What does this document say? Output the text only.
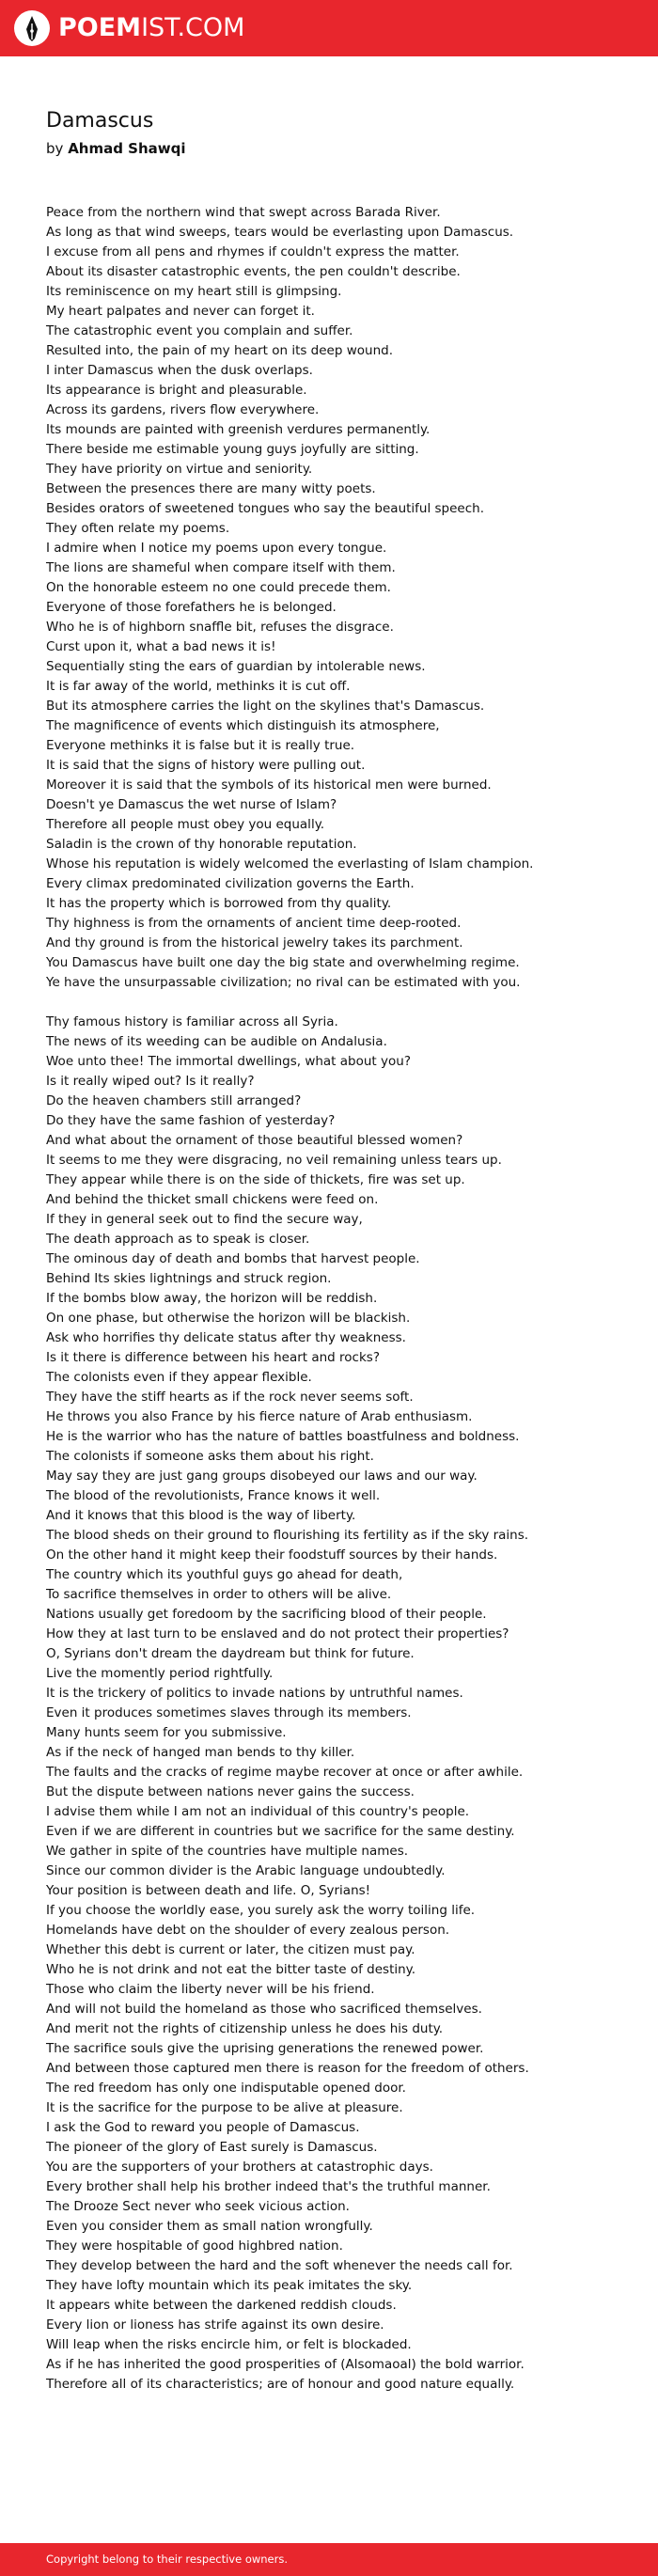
POEMIST.COM
Damascus
by Ahmad Shawqi
Peace from the northern wind that swept across Barada River.
As long as that wind sweeps, tears would be everlasting upon Damascus.
I excuse from all pens and rhymes if couldn't express the matter.
About its disaster catastrophic events, the pen couldn't describe.
Its reminiscence on my heart still is glimpsing.
My heart palpates and never can forget it.
The catastrophic event you complain and suffer.
Resulted into, the pain of my heart on its deep wound.
I inter Damascus when the dusk overlaps.
Its appearance is bright and pleasurable.
Across its gardens, rivers flow everywhere.
Its mounds are painted with greenish verdures permanently.
There beside me estimable young guys joyfully are sitting.
They have priority on virtue and seniority.
Between the presences there are many witty poets.
Besides orators of sweetened tongues who say the beautiful speech.
They often relate my poems.
I admire when I notice my poems upon every tongue.
The lions are shameful when compare itself with them.
On the honorable esteem no one could precede them.
Everyone of those forefathers he is belonged.
Who he is of highborn snaffle bit, refuses the disgrace.
Curst upon it, what a bad news it is!
Sequentially sting the ears of guardian by intolerable news.
It is far away of the world, methinks it is cut off.
But its atmosphere carries the light on the skylines that's Damascus.
The magnificence of events which distinguish its atmosphere,
Everyone methinks it is false but it is really true.
It is said that the signs of history were pulling out.
Moreover it is said that the symbols of its historical men were burned.
Doesn't ye Damascus the wet nurse of Islam?
Therefore all people must obey you equally.
Saladin is the crown of thy honorable reputation.
Whose his reputation is widely welcomed the everlasting of Islam champion.
Every climax predominated civilization governs the Earth.
It has the property which is borrowed from thy quality.
Thy highness is from the ornaments of ancient time deep-rooted.
And thy ground is from the historical jewelry takes its parchment.
You Damascus have built one day the big state and overwhelming regime.
Ye have the unsurpassable civilization; no rival can be estimated with you.
Thy famous history is familiar across all Syria.
The news of its weeding can be audible on Andalusia.
Woe unto thee! The immortal dwellings, what about you?
Is it really wiped out? Is it really?
Do the heaven chambers still arranged?
Do they have the same fashion of yesterday?
And what about the ornament of those beautiful blessed women?
It seems to me they were disgracing, no veil remaining unless tears up.
They appear while there is on the side of thickets, fire was set up.
And behind the thicket small chickens were feed on.
If they in general seek out to find the secure way,
The death approach as to speak is closer.
The ominous day of death and bombs that harvest people.
Behind Its skies lightnings and struck region.
If the bombs blow away, the horizon will be reddish.
On one phase, but otherwise the horizon will be blackish.
Ask who horrifies thy delicate status after thy weakness.
Is it there is difference between his heart and rocks?
The colonists even if they appear flexible.
They have the stiff hearts as if the rock never seems soft.
He throws you also France by his fierce nature of Arab enthusiasm.
He is the warrior who has the nature of battles boastfulness and boldness.
The colonists if someone asks them about his right.
May say they are just gang groups disobeyed our laws and our way.
The blood of the revolutionists, France knows it well.
And it knows that this blood is the way of liberty.
The blood sheds on their ground to flourishing its fertility as if the sky rains.
On the other hand it might keep their foodstuff sources by their hands.
The country which its youthful guys go ahead for death,
To sacrifice themselves in order to others will be alive.
Nations usually get foredoom by the sacrificing blood of their people.
How they at last turn to be enslaved and do not protect their properties?
O, Syrians don't dream the daydream but think for future.
Live the momently period rightfully.
It is the trickery of politics to invade nations by untruthful names.
Even it produces sometimes slaves through its members.
Many hunts seem for you submissive.
As if the neck of hanged man bends to thy killer.
The faults and the cracks of regime maybe recover at once or after awhile.
But the dispute between nations never gains the success.
I advise them while I am not an individual of this country's people.
Even if we are different in countries but we sacrifice for the same destiny.
We gather in spite of the countries have multiple names.
Since our common divider is the Arabic language undoubtedly.
Your position is between death and life. O, Syrians!
If you choose the worldly ease, you surely ask the worry toiling life.
Homelands have debt on the shoulder of every zealous person.
Whether this debt is current or later, the citizen must pay.
Who he is not drink and not eat the bitter taste of destiny.
Those who claim the liberty never will be his friend.
And will not build the homeland as those who sacrificed themselves.
And merit not the rights of citizenship unless he does his duty.
The sacrifice souls give the uprising generations the renewed power.
And between those captured men there is reason for the freedom of others.
The red freedom has only one indisputable opened door.
It is the sacrifice for the purpose to be alive at pleasure.
I ask the God to reward you people of Damascus.
The pioneer of the glory of East surely is Damascus.
You are the supporters of your brothers at catastrophic days.
Every brother shall help his brother indeed that's the truthful manner.
The Drooze Sect never who seek vicious action.
Even you consider them as small nation wrongfully.
They were hospitable of good highbred nation.
They develop between the hard and the soft whenever the needs call for.
They have lofty mountain which its peak imitates the sky.
It appears white between the darkened reddish clouds.
Every lion or lioness has strife against its own desire.
Will leap when the risks encircle him, or felt is blockaded.
As if he has inherited the good prosperities of (Alsomaoal) the bold warrior.
Therefore all of its characteristics; are of honour and good nature equally.
Copyright belong to their respective owners.
